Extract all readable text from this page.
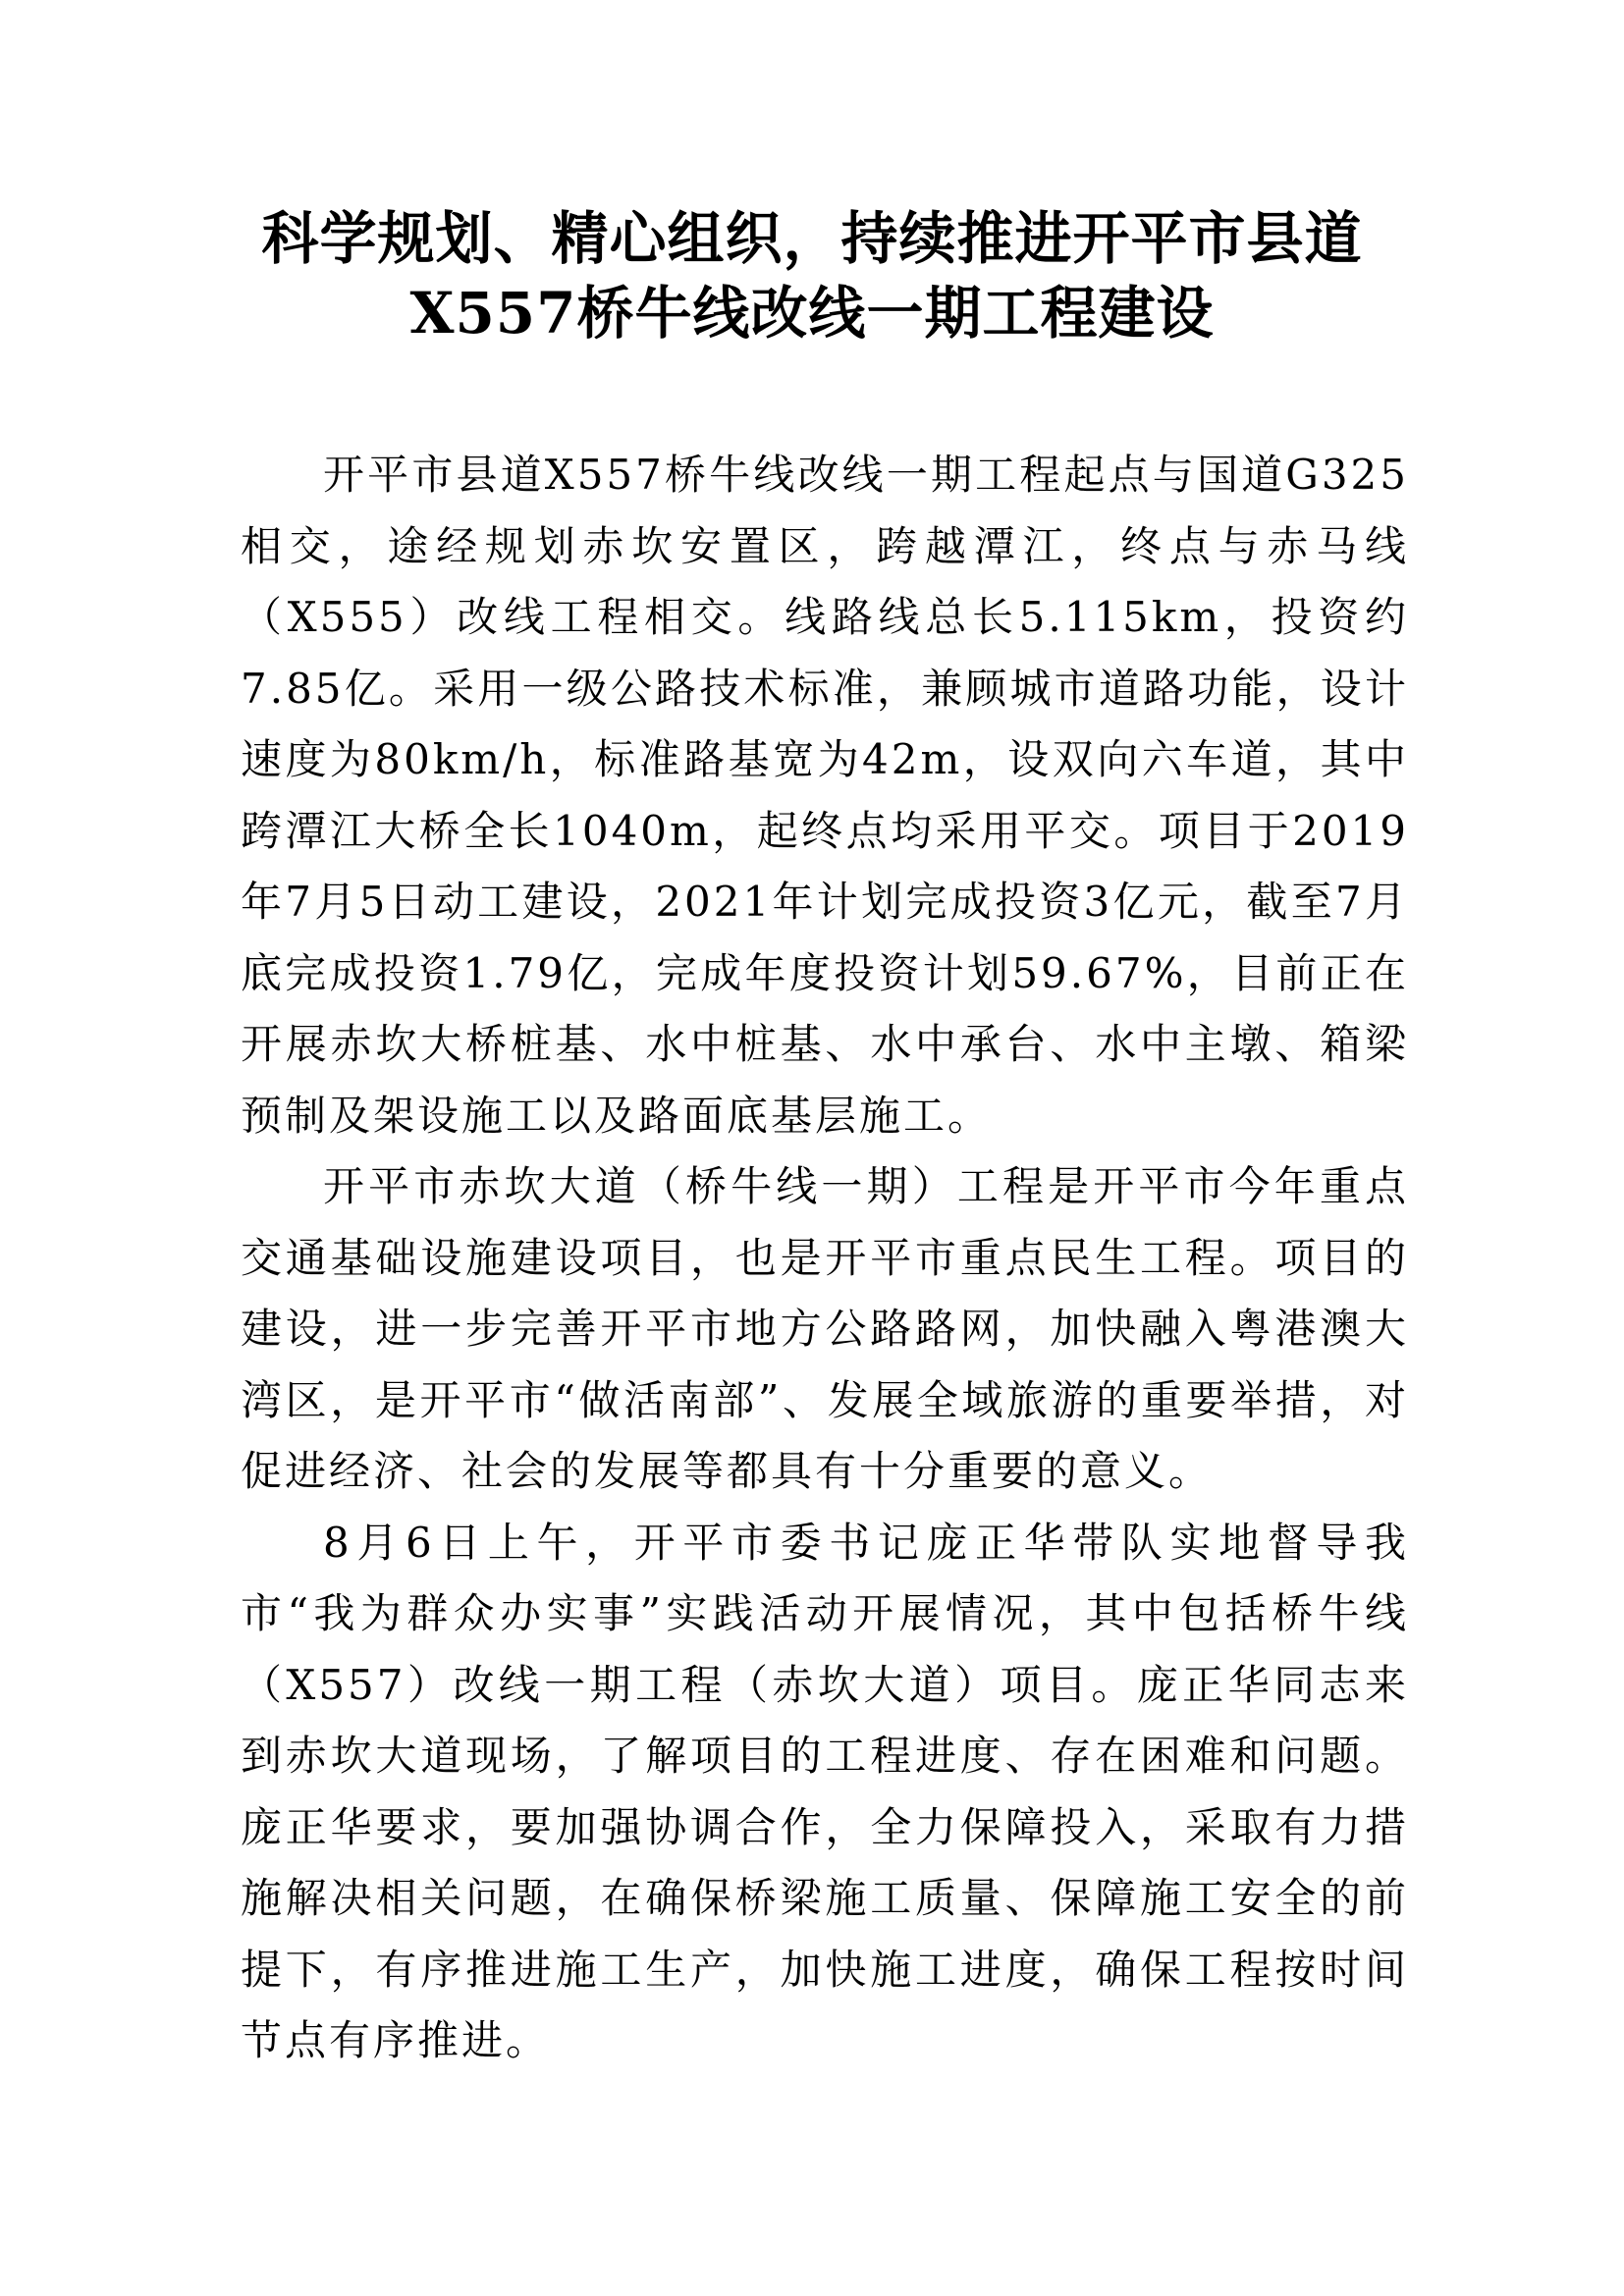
科学规划、精心组织，持续推进开平市县道
X557桥牛线改线一期工程建设

开平市县道X557桥牛线改线一期工程起点与国道G325相交，途经规划赤坎安置区，跨越潭江，终点与赤马线（X555）改线工程相交。线路线总长5.115km，投资约7.85亿。采用一级公路技术标准，兼顾城市道路功能，设计速度为80km/h，标准路基宽为42m，设双向六车道，其中跨潭江大桥全长1040m，起终点均采用平交。项目于2019年7月5日动工建设，2021年计划完成投资3亿元，截至7月底完成投资1.79亿，完成年度投资计划59.67%，目前正在开展赤坎大桥桩基、水中桩基、水中承台、水中主墩、箱梁预制及架设施工以及路面底基层施工。

开平市赤坎大道（桥牛线一期）工程是开平市今年重点交通基础设施建设项目，也是开平市重点民生工程。项目的建设，进一步完善开平市地方公路路网，加快融入粤港澳大湾区，是开平市“做活南部”、发展全域旅游的重要举措，对促进经济、社会的发展等都具有十分重要的意义。

8月6日上午，开平市委书记庞正华带队实地督导我市“我为群众办实事”实践活动开展情况，其中包括桥牛线（X557）改线一期工程（赤坎大道）项目。庞正华同志来到赤坎大道现场，了解项目的工程进度、存在困难和问题。庞正华要求，要加强协调合作，全力保障投入，采取有力措施解决相关问题，在确保桥梁施工质量、保障施工安全的前提下，有序推进施工生产，加快施工进度，确保工程按时间节点有序推进。
